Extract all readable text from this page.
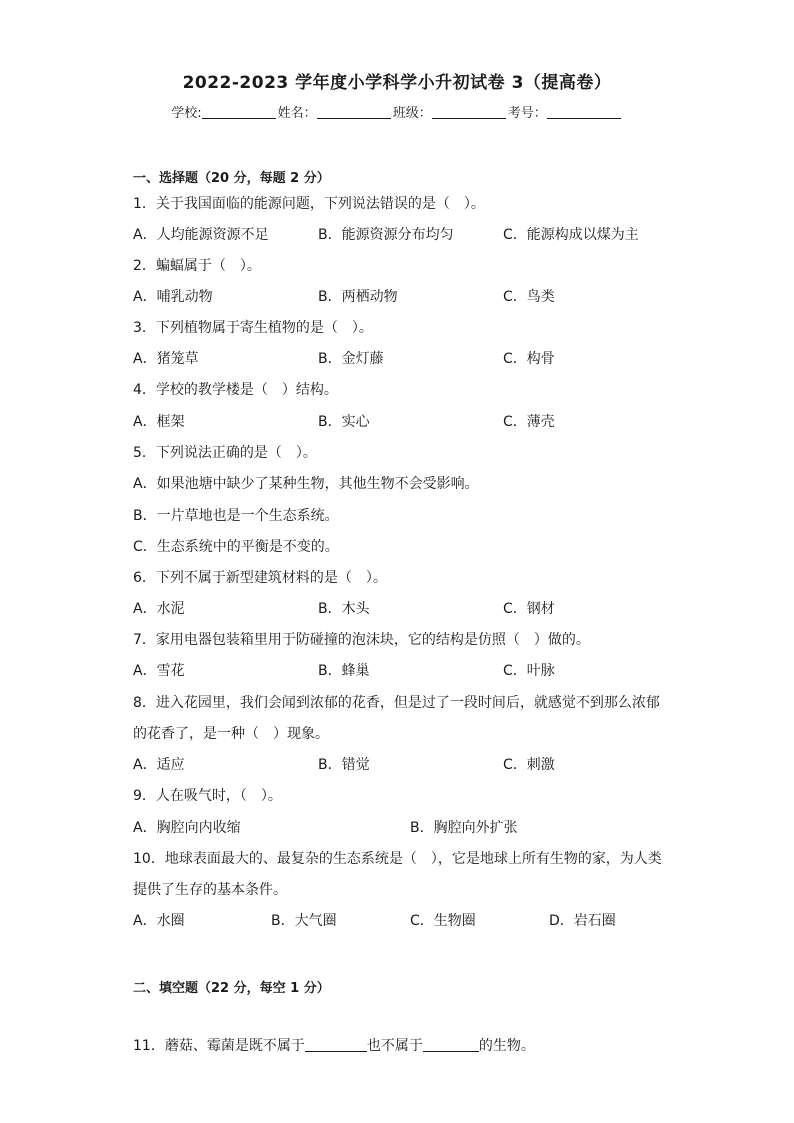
2022-2023 学年度小学科学小升初试卷 3（提高卷）
学校:	姓名：	班级：	考号：
一、选择题（20 分，每题 2 分）
1．关于我国面临的能源问题，下列说法错误的是（　）。
A．人均能源资源不足	B．能源资源分布均匀	C．能源构成以煤为主
2．蝙蝠属于（　）。
A．哺乳动物	B．两栖动物	C．鸟类
3．下列植物属于寄生植物的是（　）。
A．猪笼草	B．金灯藤	C．构骨
4．学校的教学楼是（　）结构。
A．框架	B．实心	C．薄壳
5．下列说法正确的是（　）。
A．如果池塘中缺少了某种生物，其他生物不会受影响。
B．一片草地也是一个生态系统。
C．生态系统中的平衡是不变的。
6．下列不属于新型建筑材料的是（　）。
A．水泥	B．木头	C．钢材
7．家用电器包装箱里用于防碰撞的泡沫块，它的结构是仿照（　）做的。
A．雪花	B．蜂巢	C．叶脉
8．进入花园里，我们会闻到浓郁的花香，但是过了一段时间后，就感觉不到那么浓郁
的花香了，是一种（　）现象。
A．适应	B．错觉	C．刺激
9．人在吸气时，（　）。
A．胸腔向内收缩	B．胸腔向外扩张
10．地球表面最大的、最复杂的生态系统是（　），它是地球上所有生物的家，为人类
提供了生存的基本条件。
A．水圈	B．大气圈	C．生物圈	D．岩石圈
二、填空题（22 分，每空 1 分）
11．蘑菇、霉菌是既不属于	也不属于	的生物。
